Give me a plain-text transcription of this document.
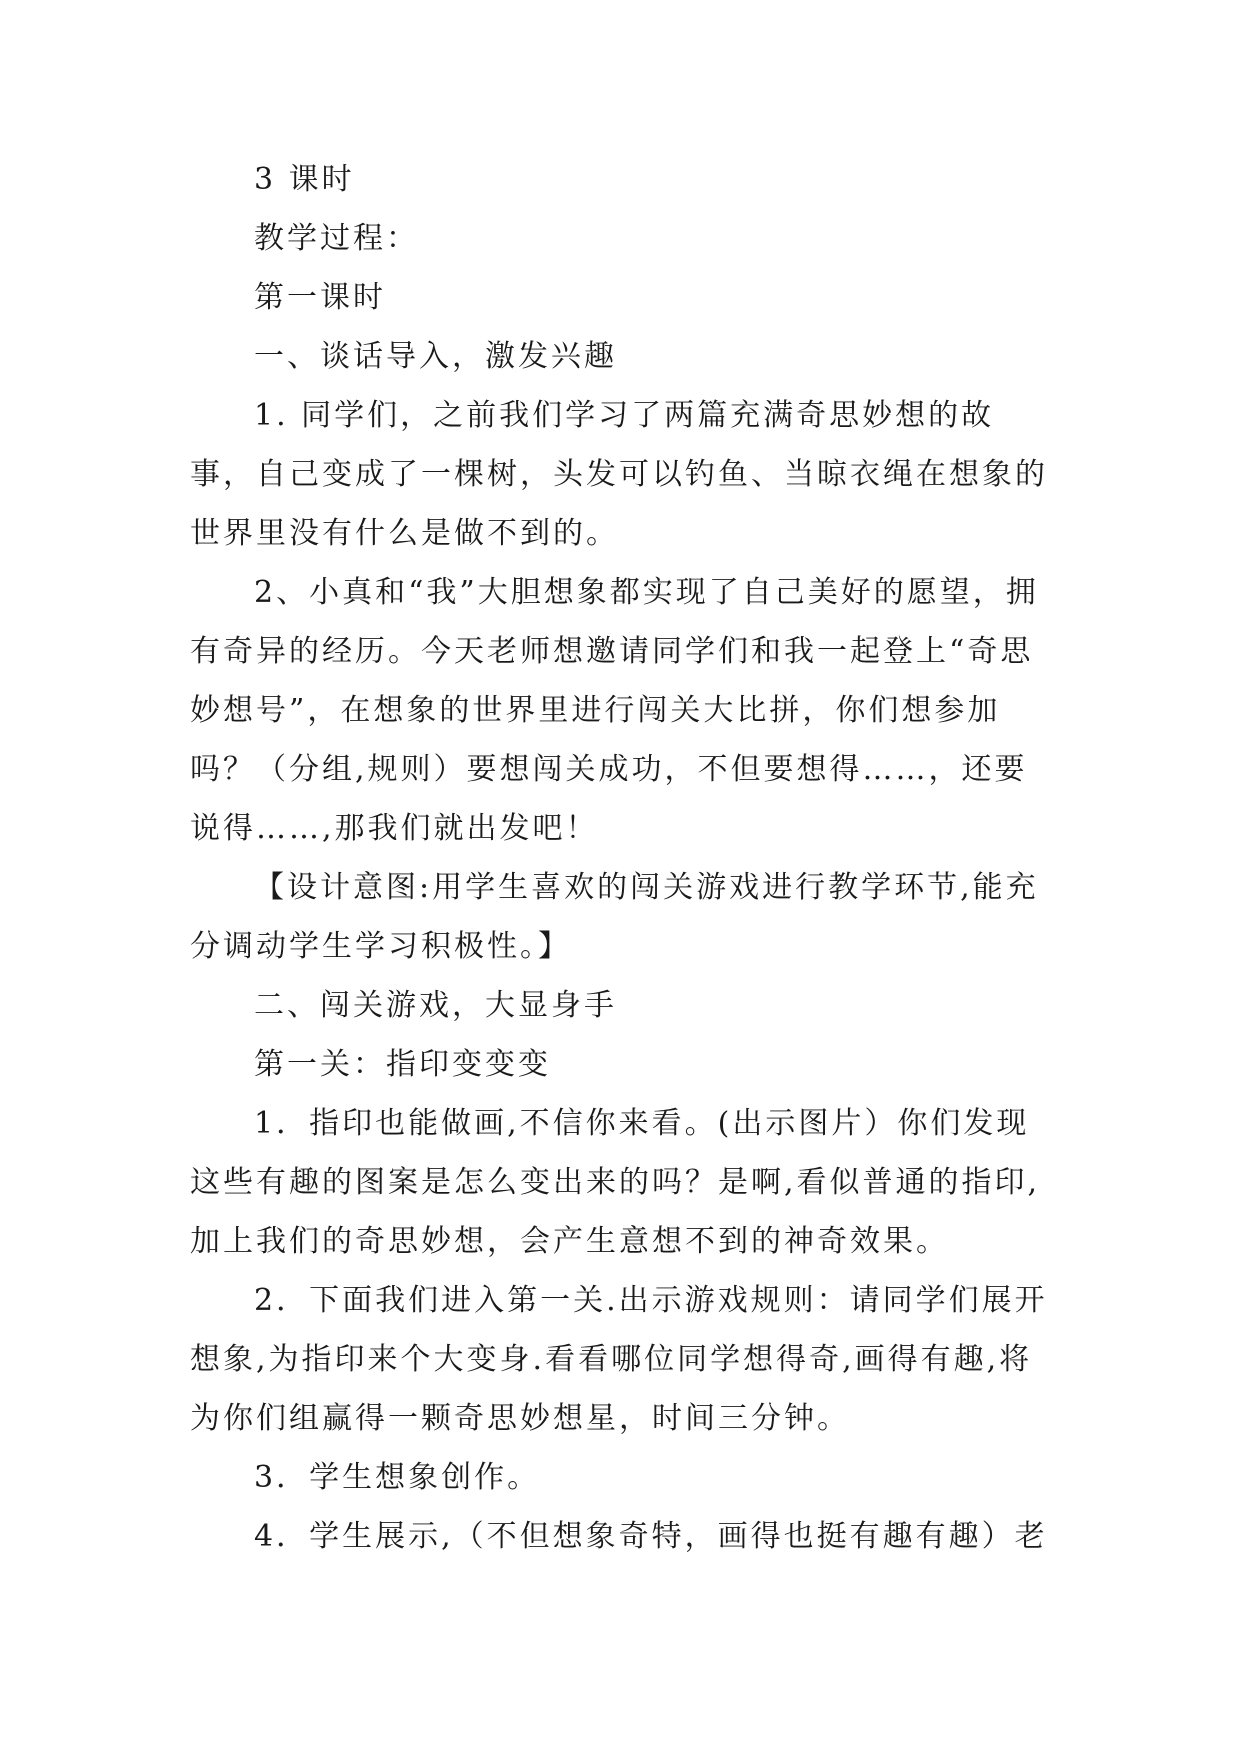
3 课时

教学过程：

第一课时

一、谈话导入，激发兴趣

1. 同学们，之前我们学习了两篇充满奇思妙想的故事，自己变成了一棵树，头发可以钓鱼、当晾衣绳在想象的世界里没有什么是做不到的。

2、小真和“我”大胆想象都实现了自己美好的愿望，拥有奇异的经历。今天老师想邀请同学们和我一起登上“奇思妙想号”，在想象的世界里进行闯关大比拼，你们想参加吗？（分组,规则）要想闯关成功，不但要想得……，还要说得……,那我们就出发吧！

【设计意图:用学生喜欢的闯关游戏进行教学环节,能充分调动学生学习积极性。】

二、闯关游戏，大显身手

第一关：指印变变变

1．指印也能做画,不信你来看。(出示图片）你们发现这些有趣的图案是怎么变出来的吗？是啊,看似普通的指印,加上我们的奇思妙想，会产生意想不到的神奇效果。

2．下面我们进入第一关.出示游戏规则：请同学们展开想象,为指印来个大变身.看看哪位同学想得奇,画得有趣,将为你们组赢得一颗奇思妙想星，时间三分钟。

3．学生想象创作。

4．学生展示,（不但想象奇特，画得也挺有趣有趣）老
